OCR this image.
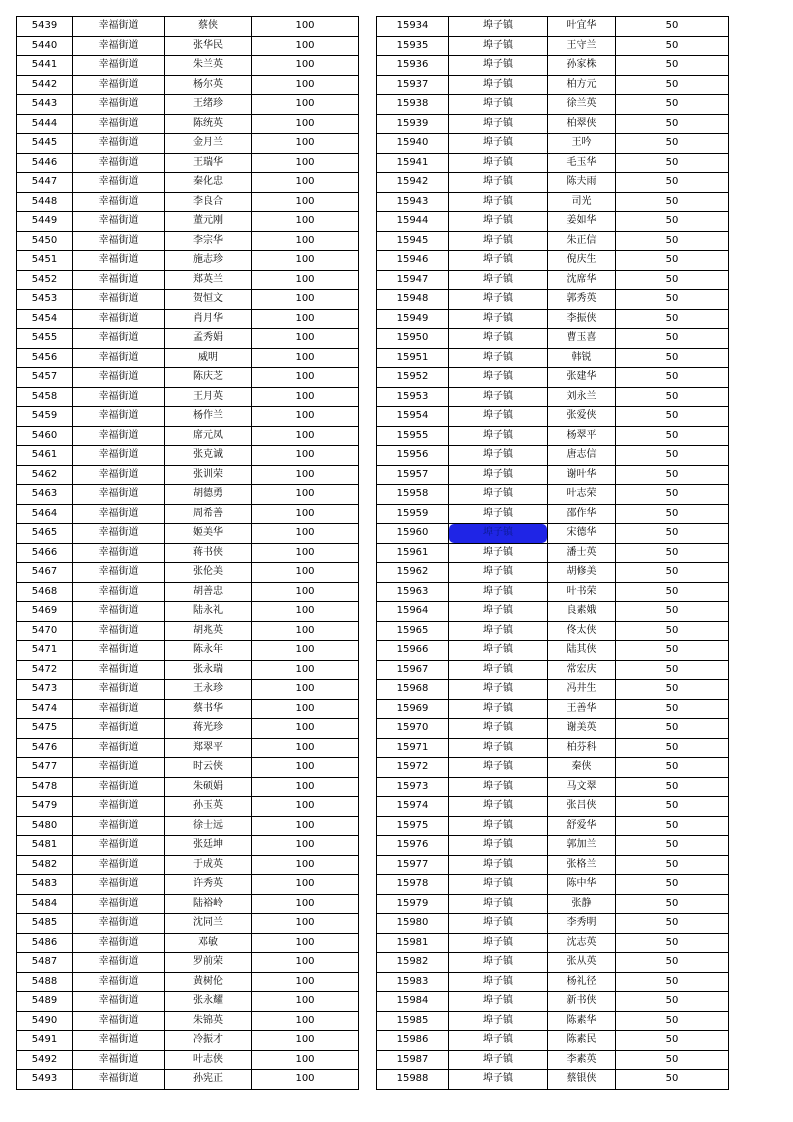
5439	幸福街道	蔡侠	100
5440	幸福街道	张华民	100
5441	幸福街道	朱兰英	100
5442	幸福街道	杨尔英	100
5443	幸福街道	王绪珍	100
5444	幸福街道	陈统英	100
5445	幸福街道	金月兰	100
5446	幸福街道	王瑞华	100
5447	幸福街道	秦化忠	100
5448	幸福街道	李良合	100
5449	幸福街道	董元刚	100
5450	幸福街道	李宗华	100
5451	幸福街道	施志珍	100
5452	幸福街道	郑英兰	100
5453	幸福街道	贺恒文	100
5454	幸福街道	肖月华	100
5455	幸福街道	孟秀娟	100
5456	幸福街道	威明	100
5457	幸福街道	陈庆芝	100
5458	幸福街道	王月英	100
5459	幸福街道	杨作兰	100
5460	幸福街道	席元凤	100
5461	幸福街道	张克诚	100
5462	幸福街道	张训荣	100
5463	幸福街道	胡德勇	100
5464	幸福街道	周希善	100
5465	幸福街道	姬美华	100
5466	幸福街道	蒋书侠	100
5467	幸福街道	张伦美	100
5468	幸福街道	胡善忠	100
5469	幸福街道	陆永礼	100
5470	幸福街道	胡兆英	100
5471	幸福街道	陈永年	100
5472	幸福街道	张永瑞	100
5473	幸福街道	王永珍	100
5474	幸福街道	蔡书华	100
5475	幸福街道	蒋光珍	100
5476	幸福街道	郑翠平	100
5477	幸福街道	时云侠	100
5478	幸福街道	朱硕娟	100
5479	幸福街道	孙玉英	100
5480	幸福街道	徐士远	100
5481	幸福街道	张廷坤	100
5482	幸福街道	于成英	100
5483	幸福街道	许秀英	100
5484	幸福街道	陆裕岭	100
5485	幸福街道	沈同兰	100
5486	幸福街道	邓敏	100
5487	幸福街道	罗前荣	100
5488	幸福街道	黄树伦	100
5489	幸福街道	张永耀	100
5490	幸福街道	朱锦英	100
5491	幸福街道	冷振才	100
5492	幸福街道	叶志侠	100
5493	幸福街道	孙宪正	100
15934	埠子镇	叶宜华	50
15935	埠子镇	王守兰	50
15936	埠子镇	孙家株	50
15937	埠子镇	柏方元	50
15938	埠子镇	徐兰英	50
15939	埠子镇	柏翠侠	50
15940	埠子镇	王吟	50
15941	埠子镇	毛玉华	50
15942	埠子镇	陈夫雨	50
15943	埠子镇	司光	50
15944	埠子镇	姜如华	50
15945	埠子镇	朱正信	50
15946	埠子镇	倪庆生	50
15947	埠子镇	沈席华	50
15948	埠子镇	郭秀英	50
15949	埠子镇	李振侠	50
15950	埠子镇	曹玉喜	50
15951	埠子镇	韩锐	50
15952	埠子镇	张建华	50
15953	埠子镇	刘永兰	50
15954	埠子镇	张爱侠	50
15955	埠子镇	杨翠平	50
15956	埠子镇	唐志信	50
15957	埠子镇	谢叶华	50
15958	埠子镇	叶志荣	50
15959	埠子镇	邵作华	50
15960	埠子镇	宋德华	50
15961	埠子镇	潘士英	50
15962	埠子镇	胡修美	50
15963	埠子镇	叶书荣	50
15964	埠子镇	良素娥	50
15965	埠子镇	佟太侠	50
15966	埠子镇	陆其侠	50
15967	埠子镇	常宏庆	50
15968	埠子镇	冯井生	50
15969	埠子镇	王善华	50
15970	埠子镇	谢美英	50
15971	埠子镇	柏芬科	50
15972	埠子镇	秦侠	50
15973	埠子镇	马文翠	50
15974	埠子镇	张吕侠	50
15975	埠子镇	舒爱华	50
15976	埠子镇	郭加兰	50
15977	埠子镇	张格兰	50
15978	埠子镇	陈中华	50
15979	埠子镇	张静	50
15980	埠子镇	李秀明	50
15981	埠子镇	沈志英	50
15982	埠子镇	张从英	50
15983	埠子镇	杨礼径	50
15984	埠子镇	新书侠	50
15985	埠子镇	陈素华	50
15986	埠子镇	陈素民	50
15987	埠子镇	李素英	50
15988	埠子镇	蔡银侠	50
